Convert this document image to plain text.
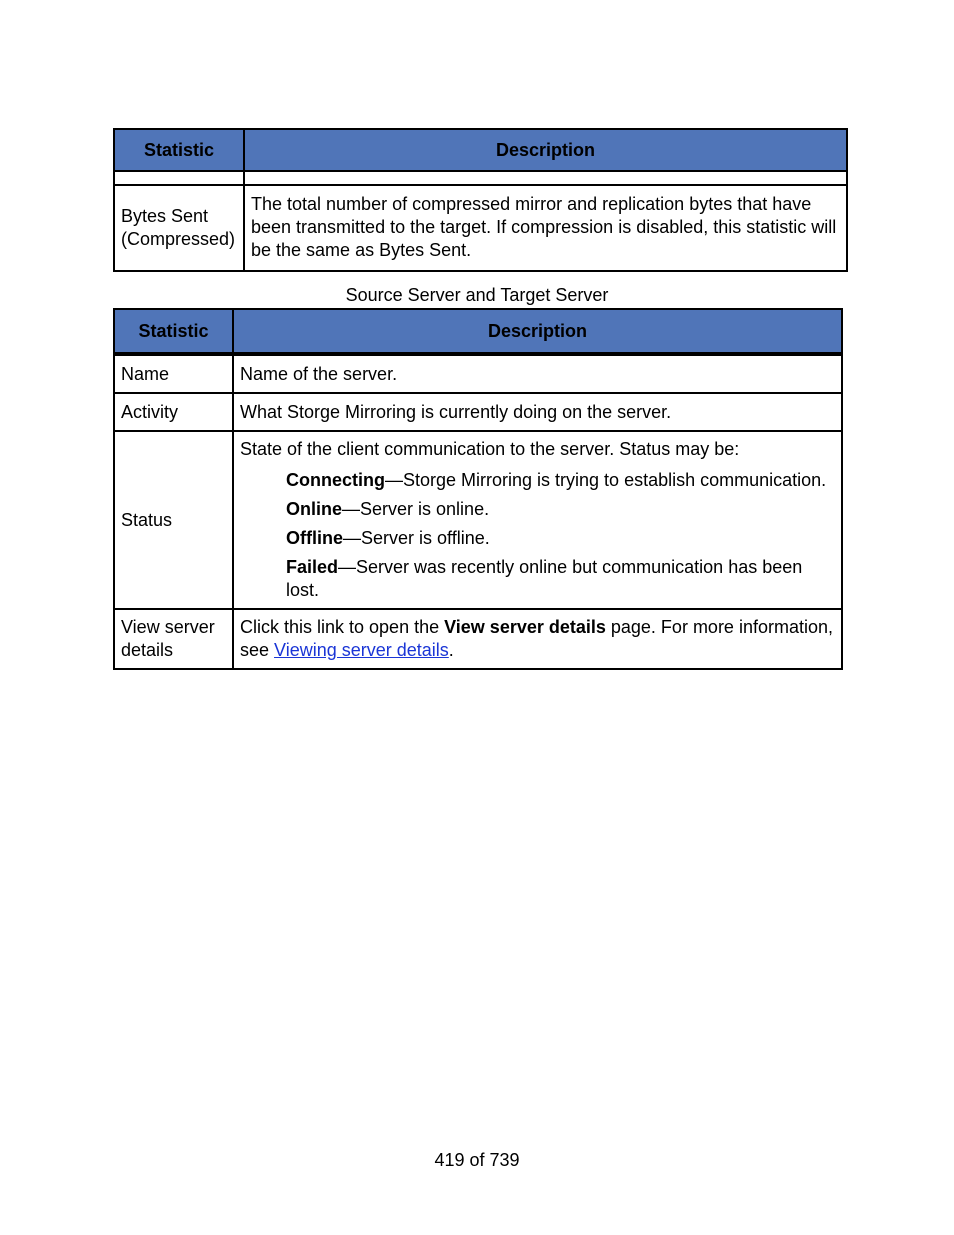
Statistic	Description

Bytes Sent
(Compressed)	The total number of compressed mirror and replication bytes that have been transmitted to the target. If compression is disabled, this statistic will be the same as Bytes Sent.
Source Server and Target Server
Statistic	Description
Name	Name of the server.
Activity	What Storge Mirroring is currently doing on the server.
Status	State of the client communication to the server. Status may be:
Connecting—Storge Mirroring is trying to establish communication.
Online—Server is online.
Offline—Server is offline.
Failed—Server was recently online but communication has been lost.

View server details	Click this link to open the View server details page. For more information, see Viewing server details.
419 of 739
